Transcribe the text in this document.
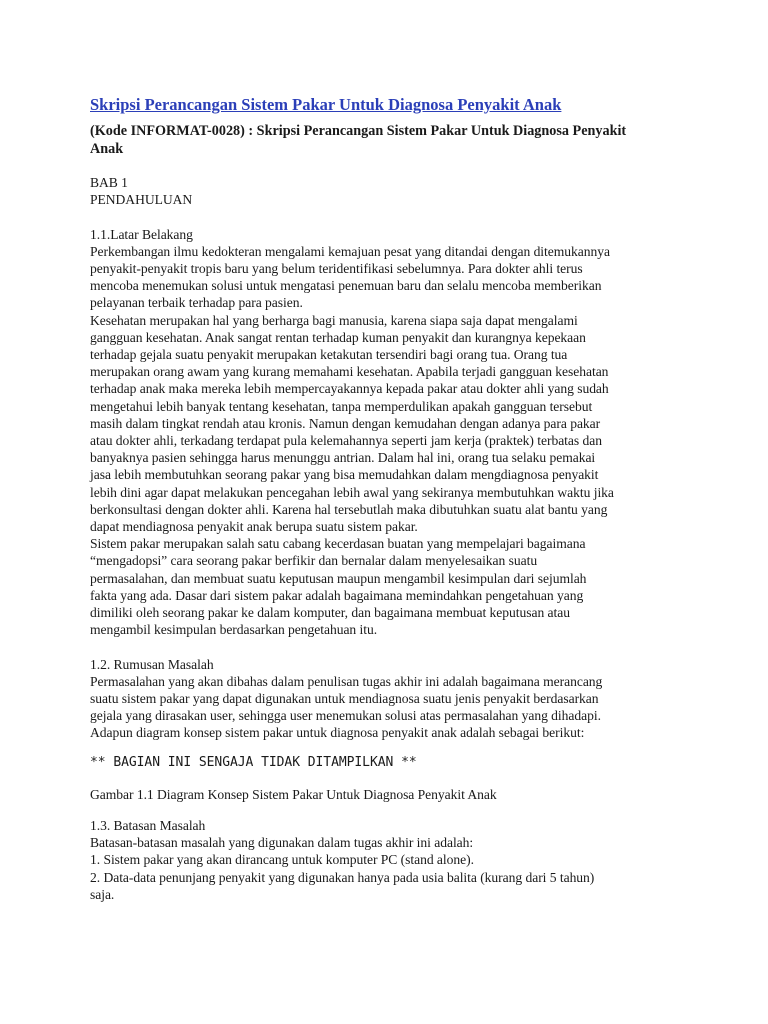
Skripsi Perancangan Sistem Pakar Untuk Diagnosa Penyakit Anak
(Kode INFORMAT-0028) : Skripsi Perancangan Sistem Pakar Untuk Diagnosa Penyakit
Anak
BAB 1
PENDAHULUAN
1.1.Latar Belakang
Perkembangan ilmu kedokteran mengalami kemajuan pesat yang ditandai dengan ditemukannya
penyakit-penyakit tropis baru yang belum teridentifikasi sebelumnya. Para dokter ahli terus
mencoba menemukan solusi untuk mengatasi penemuan baru dan selalu mencoba memberikan
pelayanan terbaik terhadap para pasien.
Kesehatan merupakan hal yang berharga bagi manusia, karena siapa saja dapat mengalami
gangguan kesehatan. Anak sangat rentan terhadap kuman penyakit dan kurangnya kepekaan
terhadap gejala suatu penyakit merupakan ketakutan tersendiri bagi orang tua. Orang tua
merupakan orang awam yang kurang memahami kesehatan. Apabila terjadi gangguan kesehatan
terhadap anak maka mereka lebih mempercayakannya kepada pakar atau dokter ahli yang sudah
mengetahui lebih banyak tentang kesehatan, tanpa memperdulikan apakah gangguan tersebut
masih dalam tingkat rendah atau kronis. Namun dengan kemudahan dengan adanya para pakar
atau dokter ahli, terkadang terdapat pula kelemahannya seperti jam kerja (praktek) terbatas dan
banyaknya pasien sehingga harus menunggu antrian. Dalam hal ini, orang tua selaku pemakai
jasa lebih membutuhkan seorang pakar yang bisa memudahkan dalam mengdiagnosa penyakit
lebih dini agar dapat melakukan pencegahan lebih awal yang sekiranya membutuhkan waktu jika
berkonsultasi dengan dokter ahli. Karena hal tersebutlah maka dibutuhkan suatu alat bantu yang
dapat mendiagnosa penyakit anak berupa suatu sistem pakar.
Sistem pakar merupakan salah satu cabang kecerdasan buatan yang mempelajari bagaimana
“mengadopsi” cara seorang pakar berfikir dan bernalar dalam menyelesaikan suatu
permasalahan, dan membuat suatu keputusan maupun mengambil kesimpulan dari sejumlah
fakta yang ada. Dasar dari sistem pakar adalah bagaimana memindahkan pengetahuan yang
dimiliki oleh seorang pakar ke dalam komputer, dan bagaimana membuat keputusan atau
mengambil kesimpulan berdasarkan pengetahuan itu.
1.2. Rumusan Masalah
Permasalahan yang akan dibahas dalam penulisan tugas akhir ini adalah bagaimana merancang
suatu sistem pakar yang dapat digunakan untuk mendiagnosa suatu jenis penyakit berdasarkan
gejala yang dirasakan user, sehingga user menemukan solusi atas permasalahan yang dihadapi.
Adapun diagram konsep sistem pakar untuk diagnosa penyakit anak adalah sebagai berikut:
** BAGIAN INI SENGAJA TIDAK DITAMPILKAN **
Gambar 1.1 Diagram Konsep Sistem Pakar Untuk Diagnosa Penyakit Anak
1.3. Batasan Masalah
Batasan-batasan masalah yang digunakan dalam tugas akhir ini adalah:
1. Sistem pakar yang akan dirancang untuk komputer PC (stand alone).
2. Data-data penunjang penyakit yang digunakan hanya pada usia balita (kurang dari 5 tahun)
saja.
